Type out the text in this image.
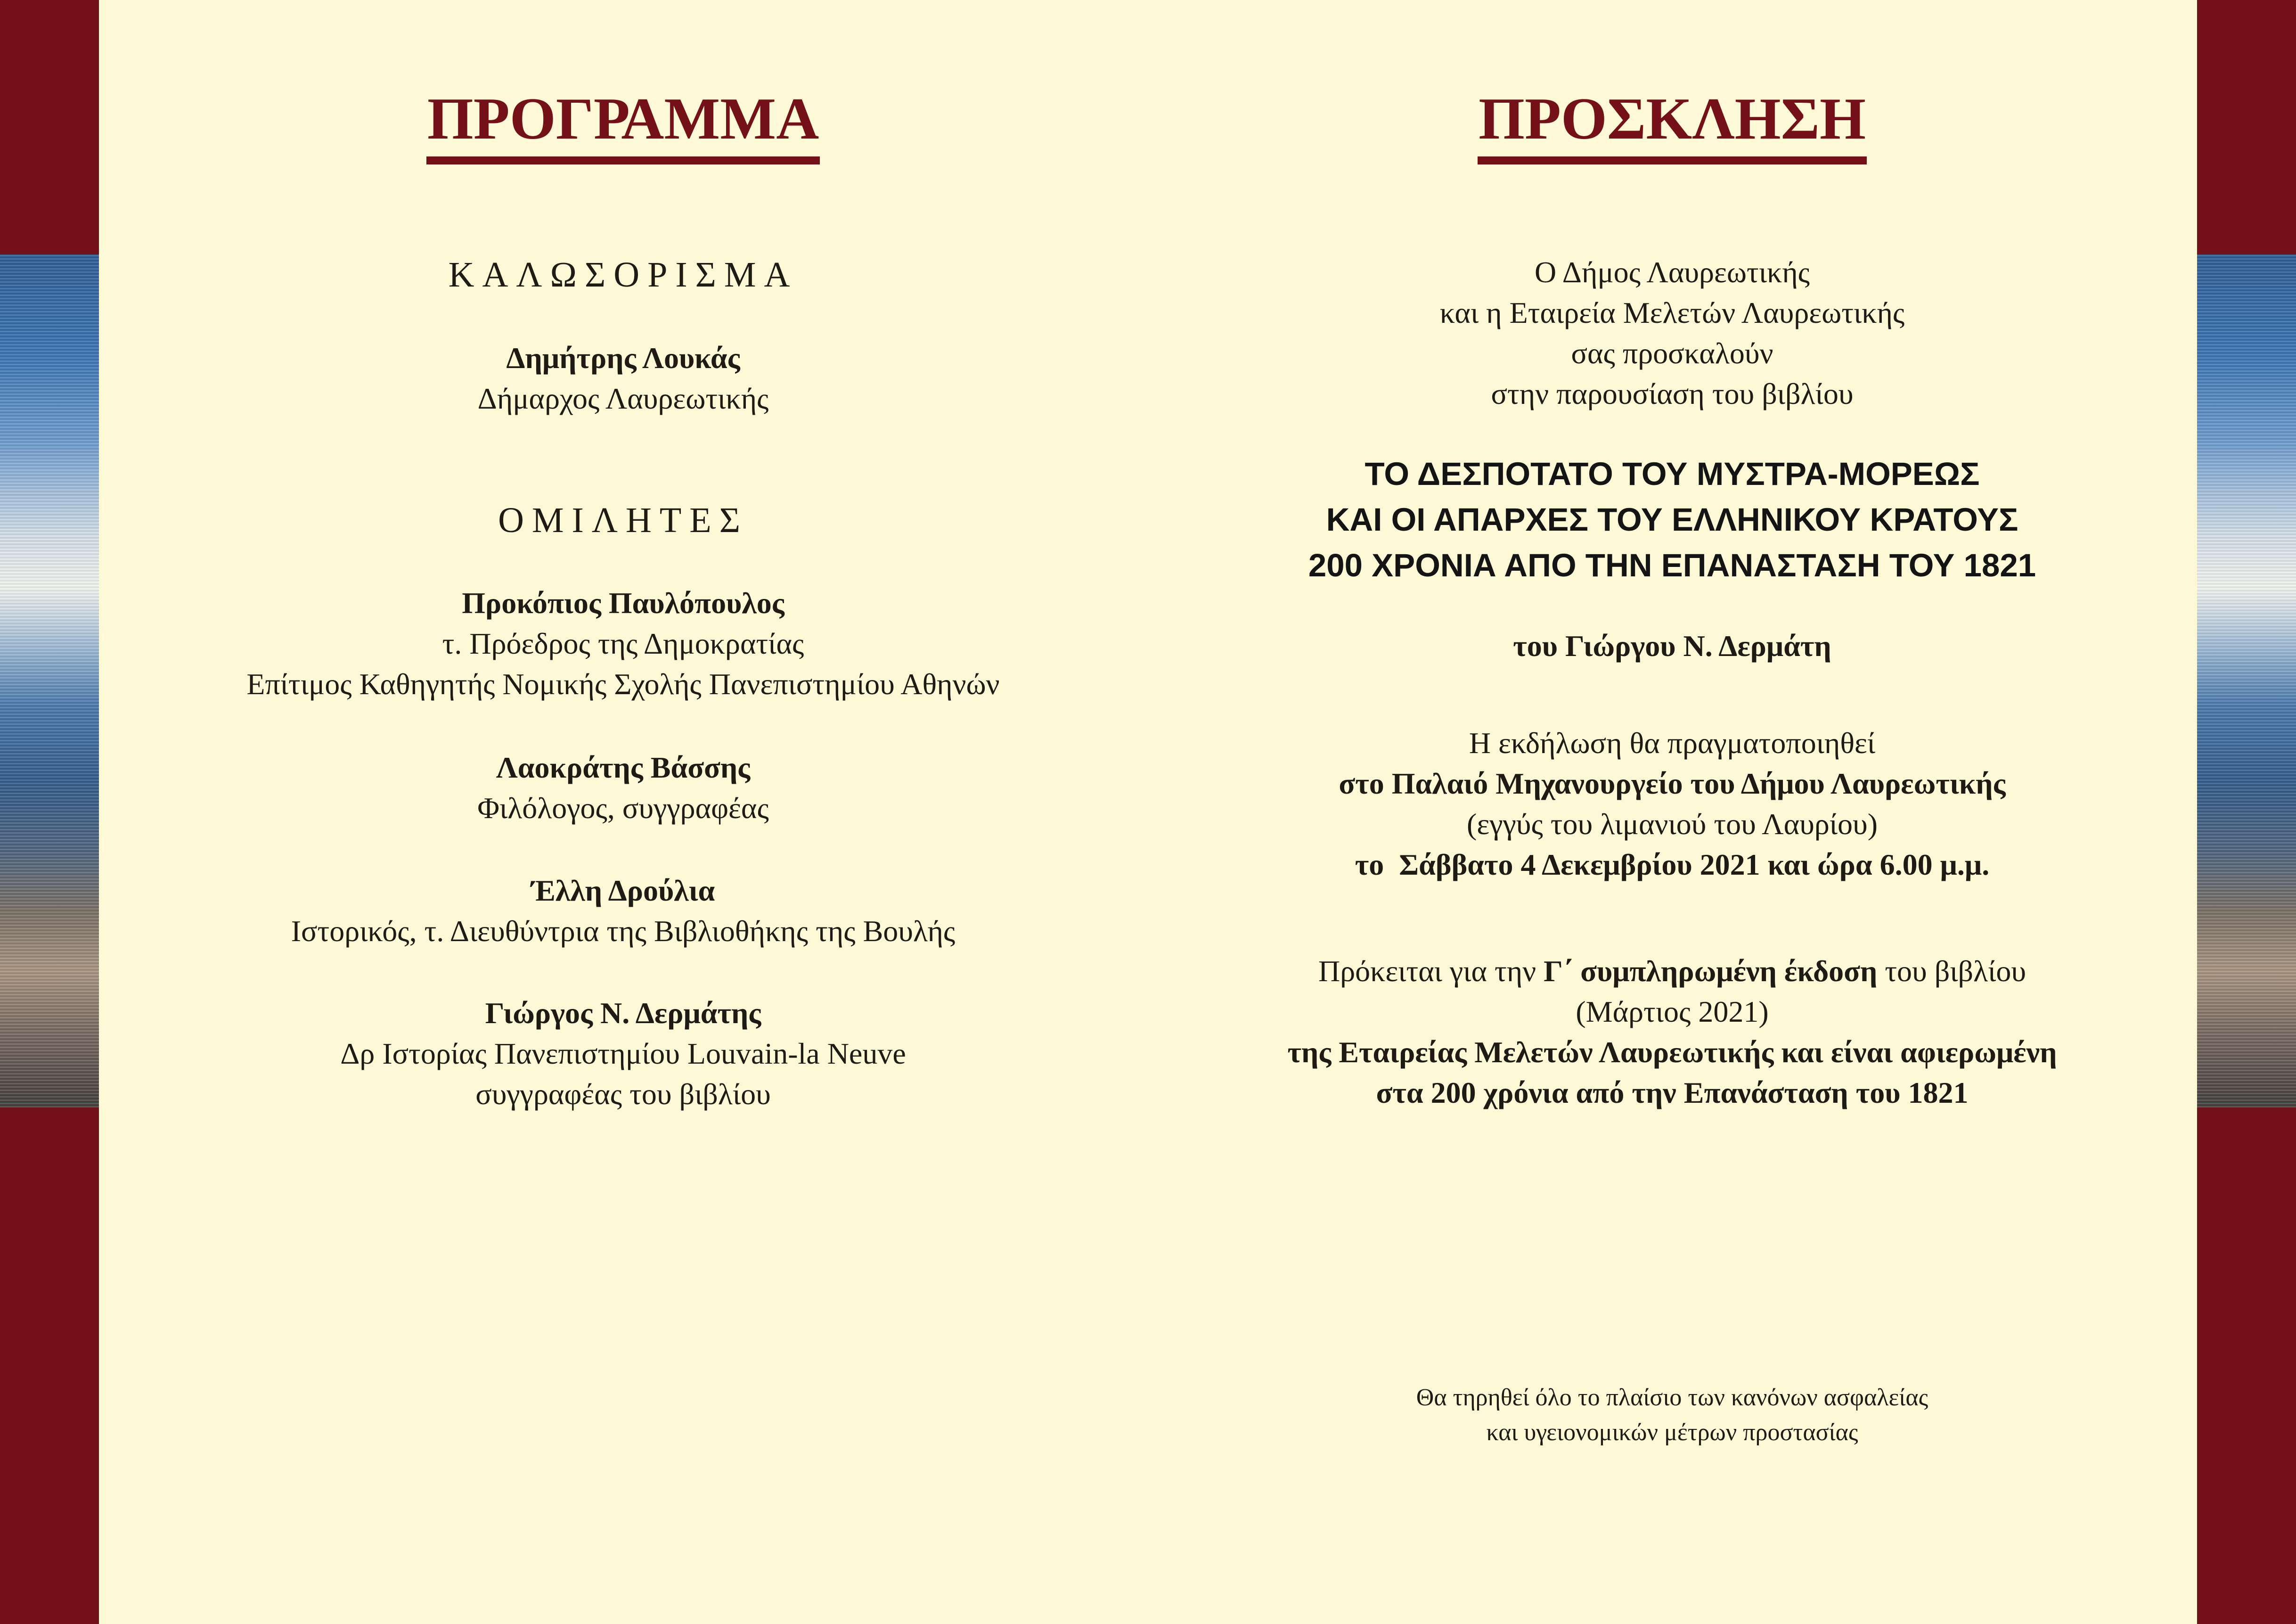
ΠΡΟΓΡΑΜΜΑ
ΚΑΛΩΣΟΡΙΣΜΑ
Δημήτρης Λουκάς
Δήμαρχος Λαυρεωτικής
ΟΜΙΛΗΤΕΣ
Προκόπιος Παυλόπουλος
τ. Πρόεδρος της Δημοκρατίας
Επίτιμος Καθηγητής Νομικής Σχολής Πανεπιστημίου Αθηνών
Λαοκράτης Βάσσης
Φιλόλογος, συγγραφέας
Έλλη Δρούλια
Ιστορικός, τ. Διευθύντρια της Βιβλιοθήκης της Βουλής
Γιώργος Ν. Δερμάτης
Δρ Ιστορίας Πανεπιστημίου Louvain-la Neuve
συγγραφέας του βιβλίου
ΠΡΟΣΚΛΗΣΗ
Ο Δήμος Λαυρεωτικής
και η Εταιρεία Μελετών Λαυρεωτικής
σας προσκαλούν
στην παρουσίαση του βιβλίου
ΤΟ ΔΕΣΠΟΤΑΤΟ ΤΟΥ ΜΥΣΤΡΑ-ΜΟΡΕΩΣ
ΚΑΙ ΟΙ ΑΠΑΡΧΕΣ ΤΟΥ ΕΛΛΗΝΙΚΟΥ ΚΡΑΤΟΥΣ
200 ΧΡΟΝΙΑ ΑΠΟ ΤΗΝ ΕΠΑΝΑΣΤΑΣΗ ΤΟΥ 1821
του Γιώργου Ν. Δερμάτη
Η εκδήλωση θα πραγματοποιηθεί
στο Παλαιό Μηχανουργείο του Δήμου Λαυρεωτικής
(εγγύς του λιμανιού του Λαυρίου)
το  Σάββατο 4 Δεκεμβρίου 2021 και ώρα 6.00 μ.μ.
Πρόκειται για την Γ΄ συμπληρωμένη έκδοση του βιβλίου
(Μάρτιος 2021)
της Εταιρείας Μελετών Λαυρεωτικής και είναι αφιερωμένη
στα 200 χρόνια από την Επανάσταση του 1821
Θα τηρηθεί όλο το πλαίσιο των κανόνων ασφαλείας
και υγειονομικών μέτρων προστασίας
